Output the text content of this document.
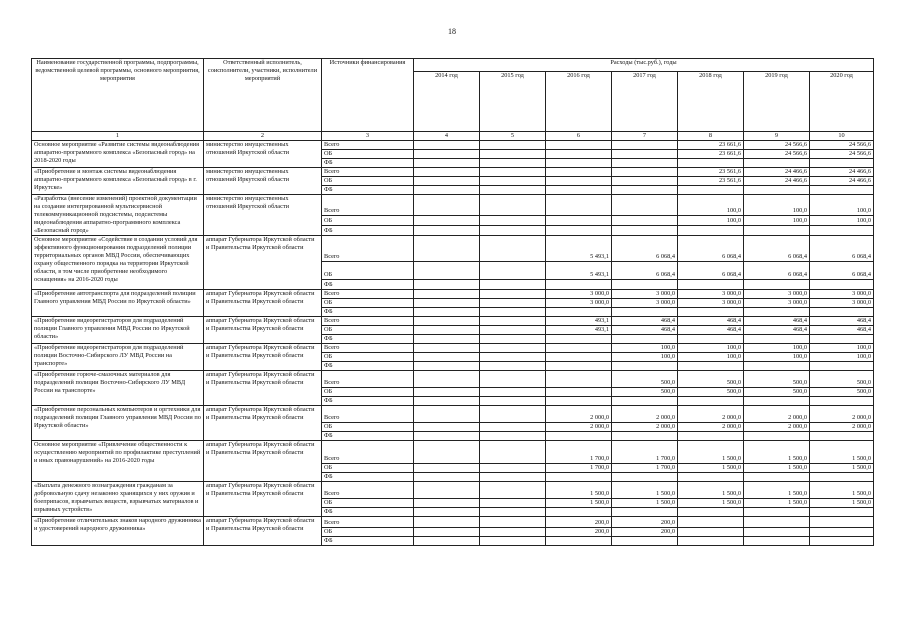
18
Наименование государственной программы, подпрограммы, ведомственной целевой программы, основного мероприятия, мероприятия	Ответственный исполнитель, соисполнители, участники, исполнители мероприятий	Источники финансирования	Расходы (тыс.руб.), годы						
			2014 год	2015 год	2016 год	2017 год	2018 год	2019 год	2020 год
1	2	3	4	5	6	7	8	9	10
Основное мероприятие «Развитие системы видеонаблюдения аппаратно-программного комплекса «Безопасный город» на 2018-2020 годы	министерство имущественных отношений Иркутской области	Всего					23 661,6	24 566,6	24 566,6
		ОБ					23 661,6	24 566,6	24 566,6
		ФБ							
«Приобретение и монтаж системы видеонаблюдения аппаратно-программного комплекса «Безопасный город» в г. Иркутске»	министерство имущественных отношений Иркутской области	Всего					23 561,6	24 466,6	24 466,6
		ОБ					23 561,6	24 466,6	24 466,6
		ФБ							
«Разработка (внесение изменений) проектной документации на создание интегрированной мультисервисной телекоммуникационной подсистемы, подсистемы видеонаблюдения аппаратно-программного комплекса «Безопасный город»	министерство имущественных отношений Иркутской области	Всего					100,0	100,0	100,0
		ОБ					100,0	100,0	100,0
		ФБ							
Основное мероприятие «Содействие в создании условий для эффективного функционирования подразделений полиции территориальных органов МВД России, обеспечивающих охрану общественного порядка на территории Иркутской области, в том числе приобретение необходимого оснащения» на 2016-2020 годы	аппарат Губернатора Иркутской области и Правительства Иркутской области	Всего			5 493,1	6 068,4	6 068,4	6 068,4	6 068,4
		ОБ			5 493,1	6 068,4	6 068,4	6 068,4	6 068,4
		ФБ							
«Приобретение автотранспорта для подразделений полиции Главного управления МВД России по Иркутской области»	аппарат Губернатора Иркутской области и Правительства Иркутской области	Всего			3 000,0	3 000,0	3 000,0	3 000,0	3 000,0
		ОБ			3 000,0	3 000,0	3 000,0	3 000,0	3 000,0
		ФБ							
«Приобретение видеорегистраторов для подразделений полиции Главного управления МВД России по Иркутской области»	аппарат Губернатора Иркутской области и Правительства Иркутской области	Всего			493,1	468,4	468,4	468,4	468,4
		ОБ			493,1	468,4	468,4	468,4	468,4
		ФБ							
«Приобретение видеорегистраторов для подразделений полиции Восточно-Сибирского ЛУ МВД России на транспорте»	аппарат Губернатора Иркутской области и Правительства Иркутской области	Всего				100,0	100,0	100,0	100,0
		ОБ				100,0	100,0	100,0	100,0
		ФБ							
«Приобретение горюче-смазочных материалов для подразделений полиции Восточно-Сибирского ЛУ МВД России на транспорте»	аппарат Губернатора Иркутской области и Правительства Иркутской области	Всего				500,0	500,0	500,0	500,0
		ОБ				500,0	500,0	500,0	500,0
		ФБ							
«Приобретение персональных компьютеров и оргтехники для подразделений полиции Главного управления МВД России по Иркутской области»	аппарат Губернатора Иркутской области и Правительства Иркутской области	Всего			2 000,0	2 000,0	2 000,0	2 000,0	2 000,0
		ОБ			2 000,0	2 000,0	2 000,0	2 000,0	2 000,0
		ФБ							
Основное мероприятие «Привлечение общественности к осуществлению мероприятий по профилактике преступлений и иных правонарушений» на 2016-2020 годы	аппарат Губернатора Иркутской области и Правительства Иркутской области	Всего			1 700,0	1 700,0	1 500,0	1 500,0	1 500,0
		ОБ			1 700,0	1 700,0	1 500,0	1 500,0	1 500,0
		ФБ							
«Выплата денежного вознаграждения гражданам за добровольную сдачу незаконно хранящихся у них оружия и боеприпасов, взрывчатых веществ, взрывчатых материалов и взрывных устройств»	аппарат Губернатора Иркутской области и Правительства Иркутской области	Всего			1 500,0	1 500,0	1 500,0	1 500,0	1 500,0
		ОБ			1 500,0	1 500,0	1 500,0	1 500,0	1 500,0
		ФБ							
«Приобретение отличительных знаков народного дружинника и удостоверений народного дружинника»	аппарат Губернатора Иркутской области и Правительства Иркутской области	Всего			200,0	200,0			
		ОБ			200,0	200,0			
		ФБ							
